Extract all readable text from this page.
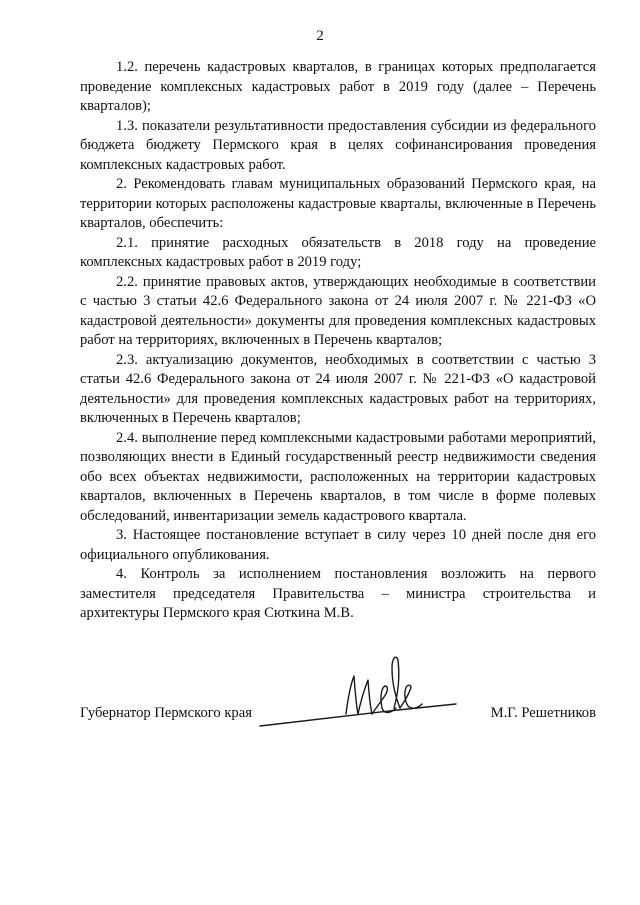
2

1.2. перечень кадастровых кварталов, в границах которых предполагается проведение комплексных кадастровых работ в 2019 году (далее – Перечень кварталов);

1.3. показатели результативности предоставления субсидии из федерального бюджета бюджету Пермского края в целях софинансирования проведения комплексных кадастровых работ.

2. Рекомендовать главам муниципальных образований Пермского края, на территории которых расположены кадастровые кварталы, включенные в Перечень кварталов, обеспечить:

2.1. принятие расходных обязательств в 2018 году на проведение комплексных кадастровых работ в 2019 году;

2.2. принятие правовых актов, утверждающих необходимые в соответствии с частью 3 статьи 42.6 Федерального закона от 24 июля 2007 г. № 221-ФЗ «О кадастровой деятельности» документы для проведения комплексных кадастровых работ на территориях, включенных в Перечень кварталов;

2.3. актуализацию документов, необходимых в соответствии с частью 3 статьи 42.6 Федерального закона от 24 июля 2007 г. № 221-ФЗ «О кадастровой деятельности» для проведения комплексных кадастровых работ на территориях, включенных в Перечень кварталов;

2.4. выполнение перед комплексными кадастровыми работами мероприятий, позволяющих внести в Единый государственный реестр недвижимости сведения обо всех объектах недвижимости, расположенных на территории кадастровых кварталов, включенных в Перечень кварталов, в том числе в форме полевых обследований, инвентаризации земель кадастрового квартала.

3. Настоящее постановление вступает в силу через 10 дней после дня его официального опубликования.

4. Контроль за исполнением постановления возложить на первого заместителя председателя Правительства – министра строительства и архитектуры Пермского края Сюткина М.В.

Губернатор Пермского края	М.Г. Решетников
